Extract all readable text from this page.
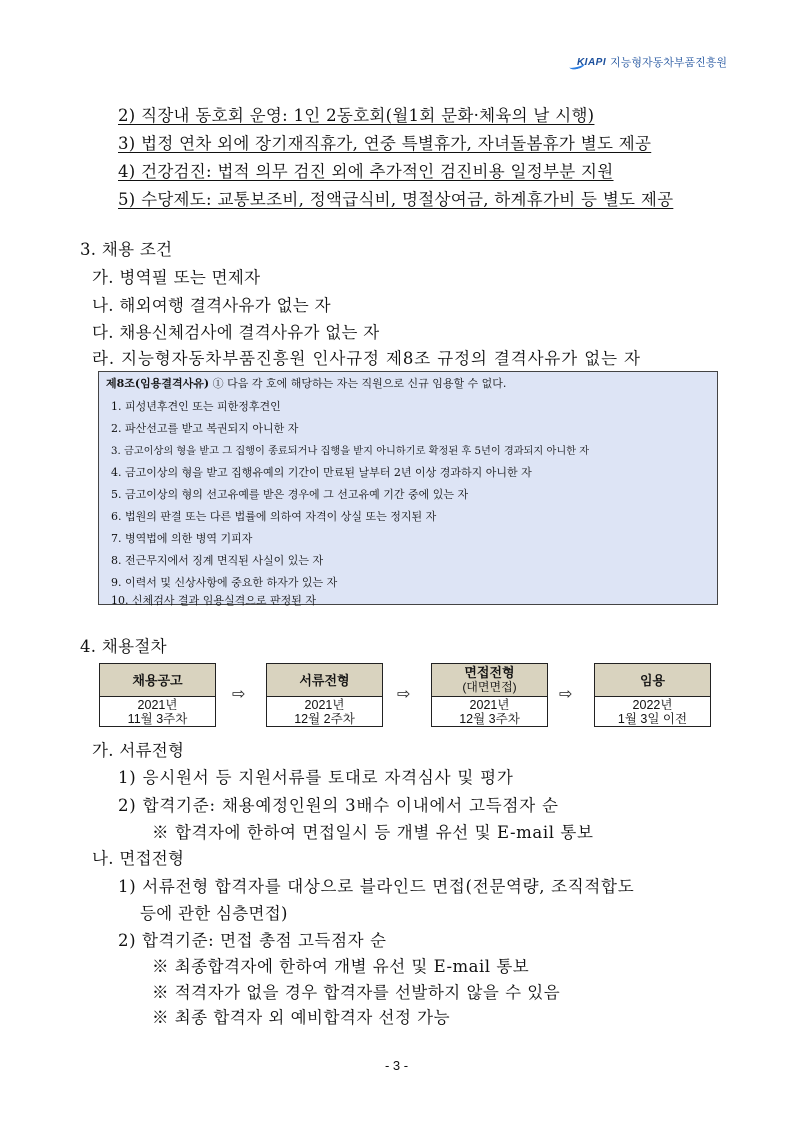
KIAPI 지능형자동차부품진흥원
2) 직장내 동호회 운영: 1인 2동호회(월1회 문화·체육의 날 시행)
3) 법정 연차 외에 장기재직휴가, 연중 특별휴가, 자녀돌봄휴가 별도 제공
4) 건강검진: 법적 의무 검진 외에 추가적인 검진비용 일정부분 지원
5) 수당제도: 교통보조비, 정액급식비, 명절상여금, 하계휴가비 등 별도 제공
3. 채용 조건
가. 병역필 또는 면제자
나. 해외여행 결격사유가 없는 자
다. 채용신체검사에 결격사유가 없는 자
라. 지능형자동차부품진흥원 인사규정 제8조 규정의 결격사유가 없는 자
제8조(임용결격사유) ① 다음 각 호에 해당하는 자는 직원으로 신규 임용할 수 없다.
1. 피성년후견인 또는 피한정후견인
2. 파산선고를 받고 복권되지 아니한 자
3. 금고이상의 형을 받고 그 집행이 종료되거나 집행을 받지 아니하기로 확정된 후 5년이 경과되지 아니한 자
4. 금고이상의 형을 받고 집행유예의 기간이 만료된 날부터 2년 이상 경과하지 아니한 자
5. 금고이상의 형의 선고유예를 받은 경우에 그 선고유예 기간 중에 있는 자
6. 법원의 판결 또는 다른 법률에 의하여 자격이 상실 또는 정지된 자
7. 병역법에 의한 병역 기피자
8. 전근무지에서 징계 면직된 사실이 있는 자
9. 이력서 및 신상사항에 중요한 하자가 있는 자
10. 신체검사 결과 임용실격으로 판정된 자
4. 채용절차
채용공고
2021년
11월 3주차
⇨
서류전형
2021년
12월 2주차
⇨
면접전형
(대면면접)
2021년
12월 3주차
⇨
임용
2022년
1월 3일 이전
가. 서류전형
1) 응시원서 등 지원서류를 토대로 자격심사 및 평가
2) 합격기준: 채용예정인원의 3배수 이내에서 고득점자 순
※ 합격자에 한하여 면접일시 등 개별 유선 및 E-mail 통보
나. 면접전형
1) 서류전형 합격자를 대상으로 블라인드 면접(전문역량, 조직적합도
등에 관한 심층면접)
2) 합격기준: 면접 총점 고득점자 순
※ 최종합격자에 한하여 개별 유선 및 E-mail 통보
※ 적격자가 없을 경우 합격자를 선발하지 않을 수 있음
※ 최종 합격자 외 예비합격자 선정 가능
- 3 -
